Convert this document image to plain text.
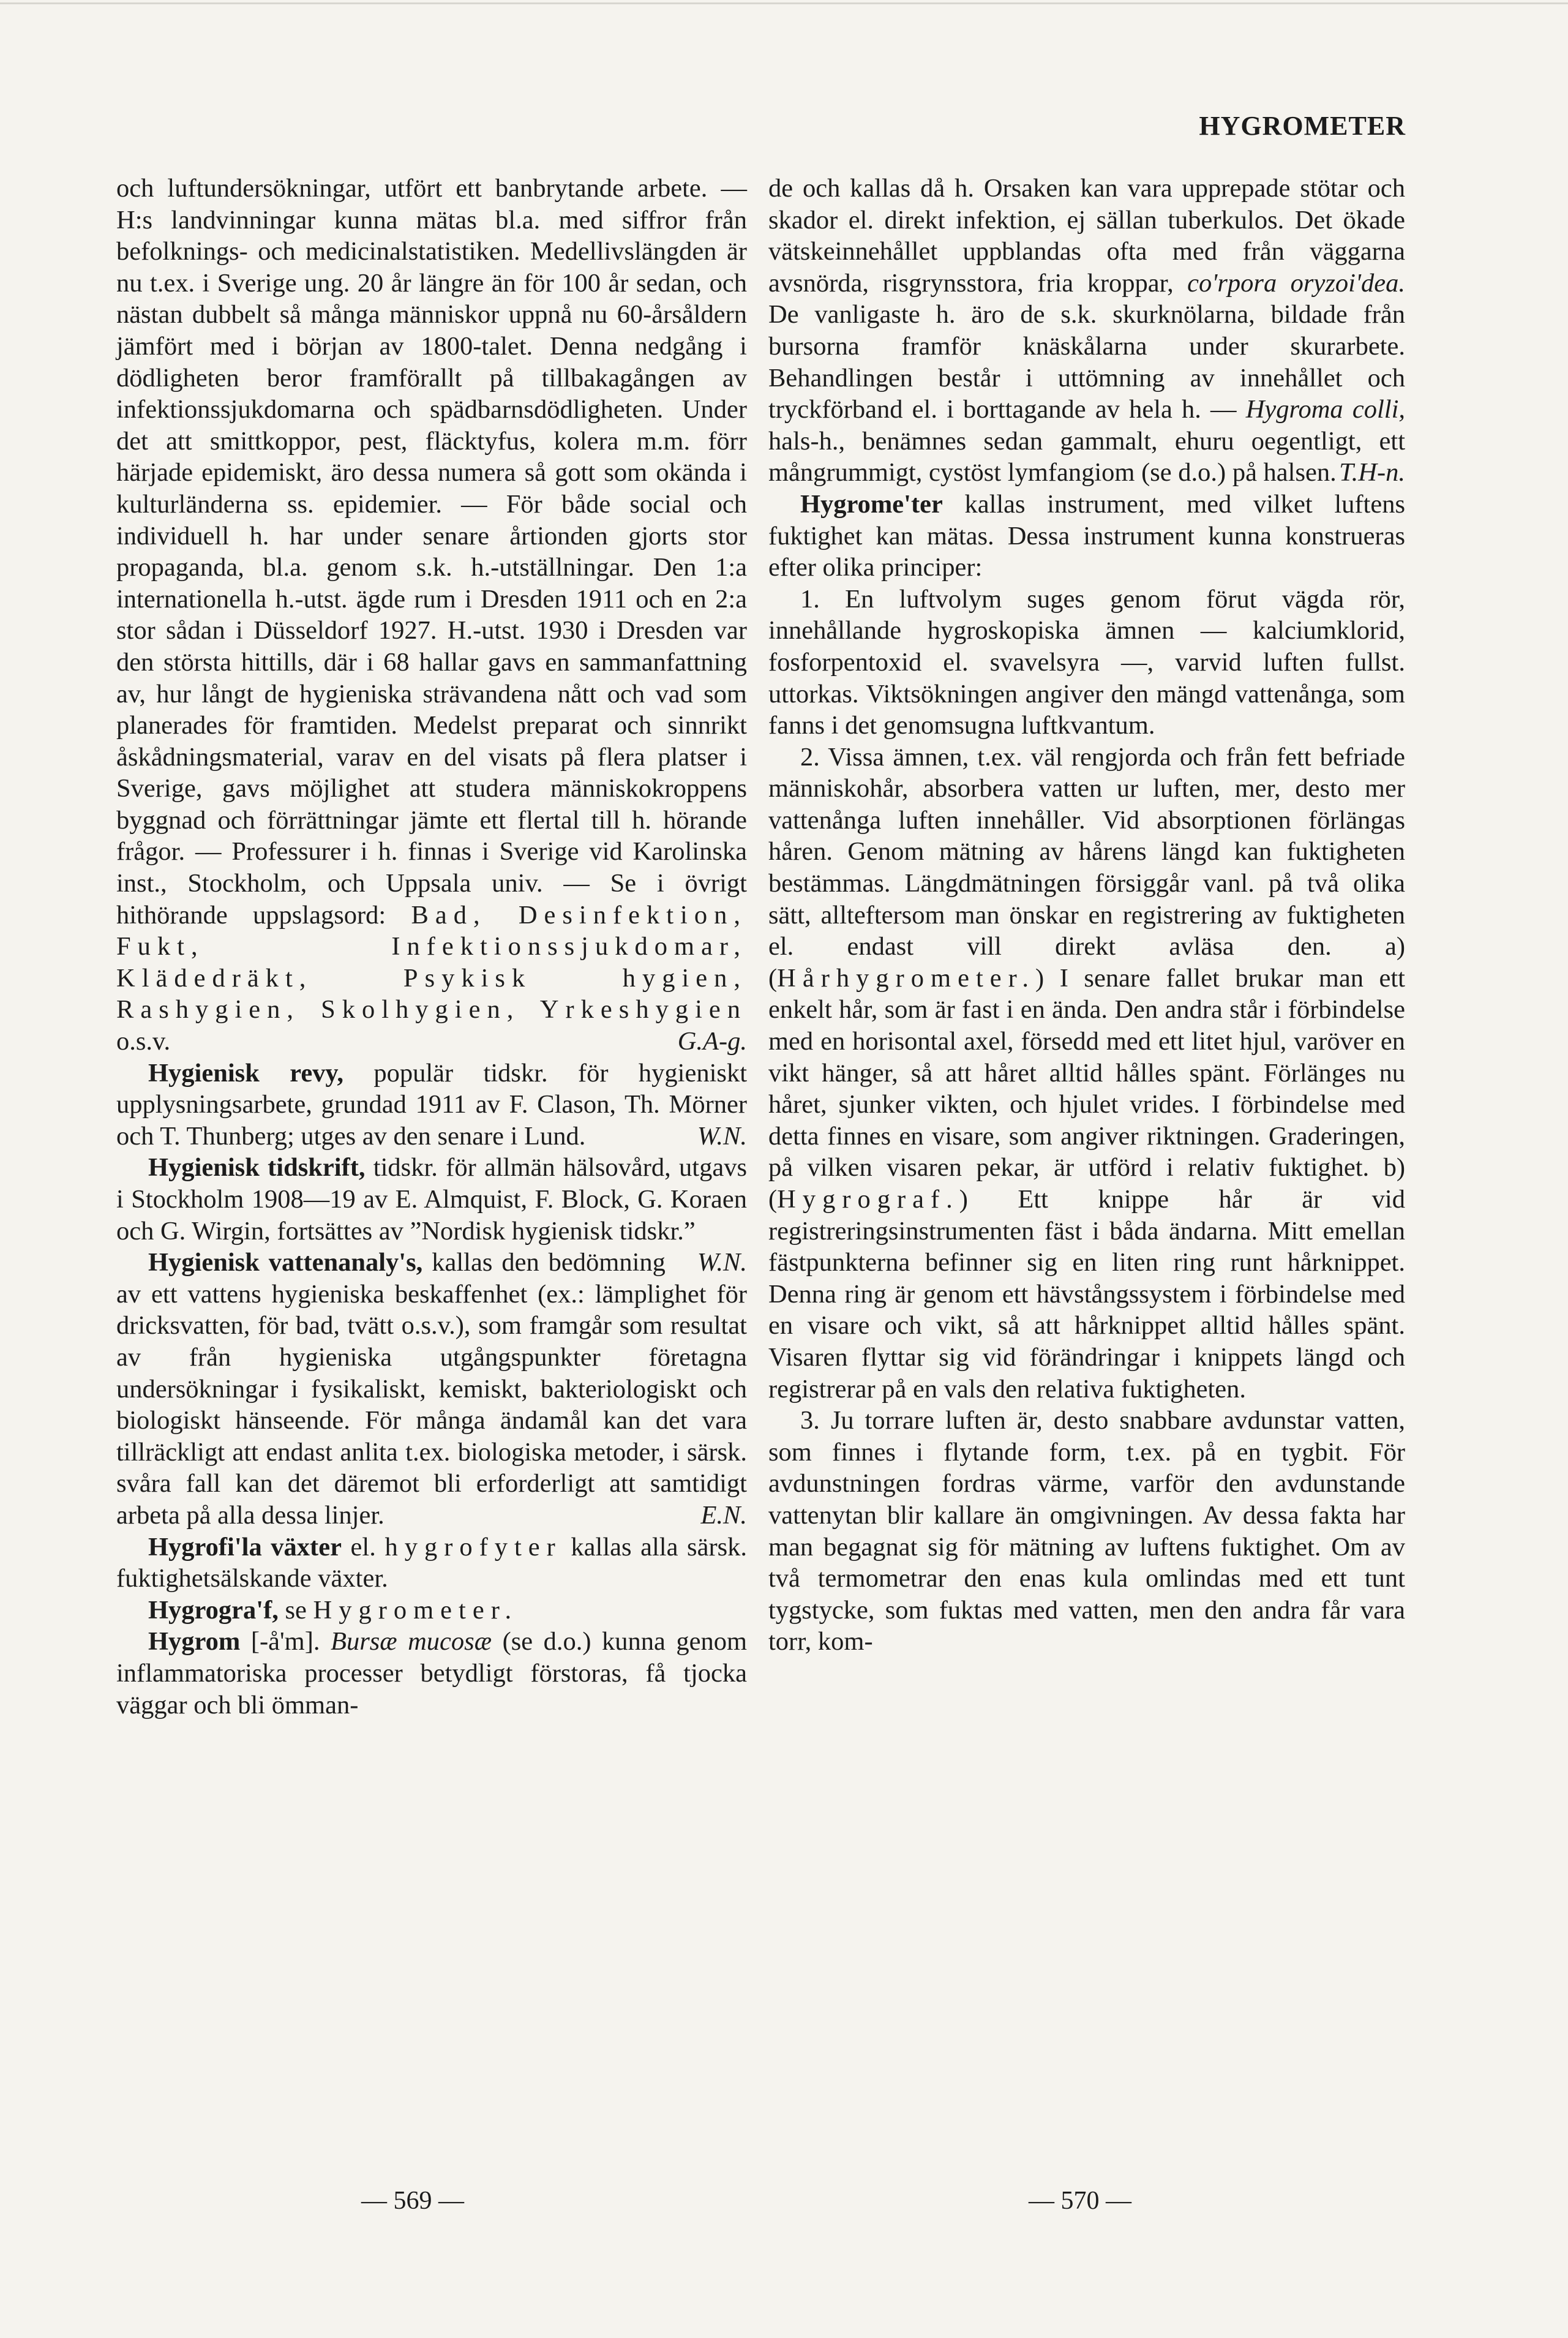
HYGROMETER

och luftundersökningar, utfört ett banbrytande arbete. — H:s landvinningar kunna mätas bl.a. med siffror från befolknings- och medicinalstatistiken. Medellivslängden är nu t.ex. i Sverige ung. 20 år längre än för 100 år sedan, och nästan dubbelt så många människor uppnå nu 60-årsåldern jämfört med i början av 1800-talet. Denna nedgång i dödligheten beror framförallt på tillbakagången av infektionssjukdomarna och spädbarnsdödligheten. Under det att smittkoppor, pest, fläcktyfus, kolera m.m. förr härjade epidemiskt, äro dessa numera så gott som okända i kulturländerna ss. epidemier. — För både social och individuell h. har under senare årtionden gjorts stor propaganda, bl.a. genom s.k. h.-utställningar. Den 1:a internationella h.-utst. ägde rum i Dresden 1911 och en 2:a stor sådan i Düsseldorf 1927. H.-utst. 1930 i Dresden var den största hittills, där i 68 hallar gavs en sammanfattning av, hur långt de hygieniska strävandena nått och vad som planerades för framtiden. Medelst preparat och sinnrikt åskådningsmaterial, varav en del visats på flera platser i Sverige, gavs möjlighet att studera människokroppens byggnad och förrättningar jämte ett flertal till h. hörande frågor. — Professurer i h. finnas i Sverige vid Karolinska inst., Stockholm, och Uppsala univ. — Se i övrigt hithörande uppslagsord: Bad, Desinfektion, Fukt, Infektionssjukdomar, Klädedräkt, Psykisk hygien, Rashygien, Skolhygien, Yrkeshygien o.s.v.	G.A-g.

Hygienisk revy, populär tidskr. för hygieniskt upplysningsarbete, grundad 1911 av F. Clason, Th. Mörner och T. Thunberg; utges av den senare i Lund.	W.N.

Hygienisk tidskrift, tidskr. för allmän hälsovård, utgavs i Stockholm 1908—19 av E. Almquist, F. Block, G. Koraen och G. Wirgin, fortsättes av ”Nordisk hygienisk tidskr.”
W.N.

Hygienisk vattenanaly's, kallas den bedömning av ett vattens hygieniska beskaffenhet (ex.: lämplighet för dricksvatten, för bad, tvätt o.s.v.), som framgår som resultat av från hygieniska utgångspunkter företagna undersökningar i fysikaliskt, kemiskt, bakteriologiskt och biologiskt hänseende. För många ändamål kan det vara tillräckligt att endast anlita t.ex. biologiska metoder, i särsk. svåra fall kan det däremot bli erforderligt att samtidigt arbeta på alla dessa linjer.	E.N.

Hygrofi'la växter el. hygrofyter kallas alla särsk. fuktighetsälskande växter.

Hygrogra'f, se Hygrometer.

Hygrom [-å'm]. Bursæ mucosæ (se d.o.) kunna genom inflammatoriska processer betydligt förstoras, få tjocka väggar och bli ömman-

de och kallas då h. Orsaken kan vara upprepade stötar och skador el. direkt infektion, ej sällan tuberkulos. Det ökade vätskeinnehållet uppblandas ofta med från väggarna avsnörda, risgrynsstora, fria kroppar, co'rpora oryzoi'dea. De vanligaste h. äro de s.k. skurknölarna, bildade från bursorna framför knäskålarna under skurarbete. Behandlingen består i uttömning av innehållet och tryckförband el. i borttagande av hela h. — Hygroma colli, hals-h., benämnes sedan gammalt, ehuru oegentligt, ett mångrummigt, cystöst lymfangiom (se d.o.) på halsen. T.H-n.

Hygrome'ter kallas instrument, med vilket luftens fuktighet kan mätas. Dessa instrument kunna konstrueras efter olika principer:

1. En luftvolym suges genom förut vägda rör, innehållande hygroskopiska ämnen — kalciumklorid, fosforpentoxid el. svavelsyra —, varvid luften fullst. uttorkas. Viktsökningen angiver den mängd vattenånga, som fanns i det genomsugna luftkvantum.

2. Vissa ämnen, t.ex. väl rengjorda och från fett befriade människohår, absorbera vatten ur luften, mer, desto mer vattenånga luften innehåller. Vid absorptionen förlängas håren. Genom mätning av hårens längd kan fuktigheten bestämmas. Längdmätningen försiggår vanl. på två olika sätt, allteftersom man önskar en registrering av fuktigheten el. endast vill direkt avläsa den. a) (Hårhygrometer.) I senare fallet brukar man ett enkelt hår, som är fast i en ända. Den andra står i förbindelse med en horisontal axel, försedd med ett litet hjul, varöver en vikt hänger, så att håret alltid hålles spänt. Förlänges nu håret, sjunker vikten, och hjulet vrides. I förbindelse med detta finnes en visare, som angiver riktningen. Graderingen, på vilken visaren pekar, är utförd i relativ fuktighet. b) (Hygrograf.) Ett knippe hår är vid registreringsinstrumenten fäst i båda ändarna. Mitt emellan fästpunkterna befinner sig en liten ring runt hårknippet. Denna ring är genom ett hävstångssystem i förbindelse med en visare och vikt, så att hårknippet alltid hålles spänt. Visaren flyttar sig vid förändringar i knippets längd och registrerar på en vals den relativa fuktigheten.

3. Ju torrare luften är, desto snabbare avdunstar vatten, som finnes i flytande form, t.ex. på en tygbit. För avdunstningen fordras värme, varför den avdunstande vattenytan blir kallare än omgivningen. Av dessa fakta har man begagnat sig för mätning av luftens fuktighet. Om av två termometrar den enas kula omlindas med ett tunt tygstycke, som fuktas med vatten, men den andra får vara torr, kom-

— 569 —	— 570 —
